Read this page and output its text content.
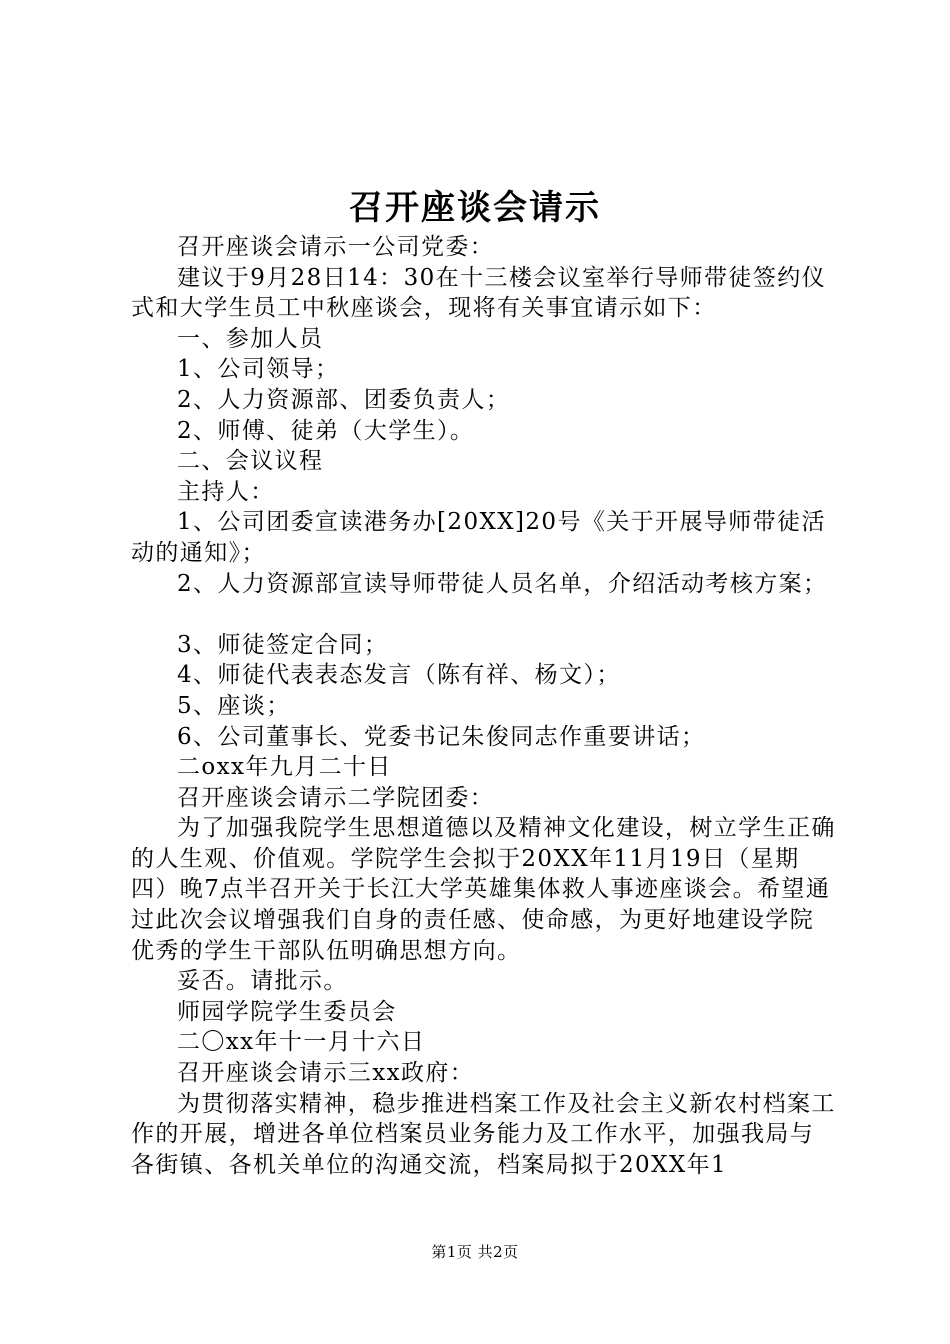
召开座谈会请示

召开座谈会请示一公司党委：

建议于9月28日14：30在十三楼会议室举行导师带徒签约仪式和大学生员工中秋座谈会，现将有关事宜请示如下：

一、参加人员

1、公司领导；

2、人力资源部、团委负责人；

2、师傅、徒弟（大学生）。

二、会议议程

主持人：

1、公司团委宣读港务办[20XX]20号《关于开展导师带徒活动的通知》；

2、人力资源部宣读导师带徒人员名单，介绍活动考核方案；

3、师徒签定合同；

4、师徒代表表态发言（陈有祥、杨文）；

5、座谈；

6、公司董事长、党委书记朱俊同志作重要讲话；

二oxx年九月二十日

召开座谈会请示二学院团委：

为了加强我院学生思想道德以及精神文化建设，树立学生正确的人生观、价值观。学院学生会拟于20XX年11月19日（星期四）晚7点半召开关于长江大学英雄集体救人事迹座谈会。希望通过此次会议增强我们自身的责任感、使命感，为更好地建设学院优秀的学生干部队伍明确思想方向。

妥否。请批示。

师园学院学生委员会

二〇xx年十一月十六日

召开座谈会请示三xx政府：

为贯彻落实精神，稳步推进档案工作及社会主义新农村档案工作的开展，增进各单位档案员业务能力及工作水平，加强我局与各街镇、各机关单位的沟通交流，档案局拟于20XX年1

第1页 共2页
